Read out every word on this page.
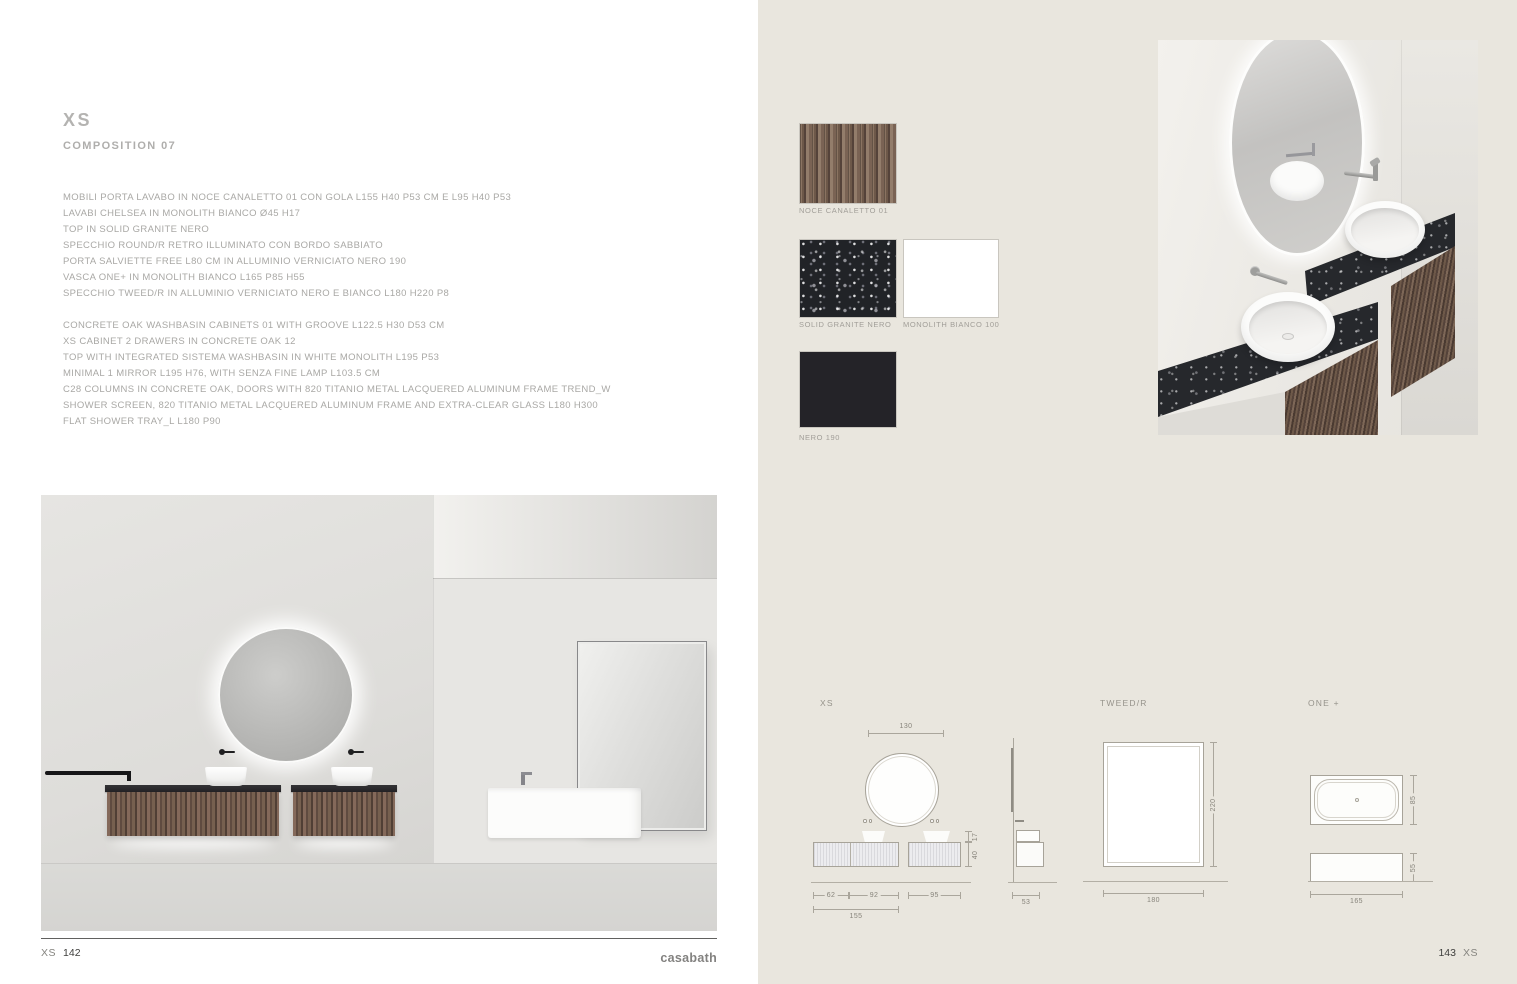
XS
COMPOSITION 07
MOBILI PORTA LAVABO IN NOCE CANALETTO 01 CON GOLA L155 H40 P53 CM E L95 H40 P53
LAVABI CHELSEA IN MONOLITH BIANCO Ø45 H17
TOP IN SOLID GRANITE NERO
SPECCHIO ROUND/R RETRO ILLUMINATO CON BORDO SABBIATO
PORTA SALVIETTE FREE L80 CM IN ALLUMINIO VERNICIATO NERO 190
VASCA ONE+ IN MONOLITH BIANCO L165 P85 H55
SPECCHIO TWEED/R IN ALLUMINIO VERNICIATO NERO E BIANCO L180 H220 P8
CONCRETE OAK WASHBASIN CABINETS 01 WITH GROOVE L122.5 H30 D53 CM
XS CABINET 2 DRAWERS IN CONCRETE OAK 12
TOP WITH INTEGRATED SISTEMA WASHBASIN IN WHITE MONOLITH L195 P53
MINIMAL 1 MIRROR L195 H76, WITH SENZA FINE LAMP L103.5 CM
C28 COLUMNS IN CONCRETE OAK, DOORS WITH 820 TITANIO METAL LACQUERED ALUMINUM FRAME TREND_W
SHOWER SCREEN, 820 TITANIO METAL LACQUERED ALUMINUM FRAME AND EXTRA-CLEAR GLASS L180 H300
FLAT SHOWER TRAY_L L180 P90
XS 142	casabath
NOCE CANALETTO 01
SOLID GRANITE NERO MONOLITH BIANCO 100
NERO 190
XS
130
17
40
62	92	95
155
53
TWEED/R
220
180
ONE +
85
55
165
143 XS
